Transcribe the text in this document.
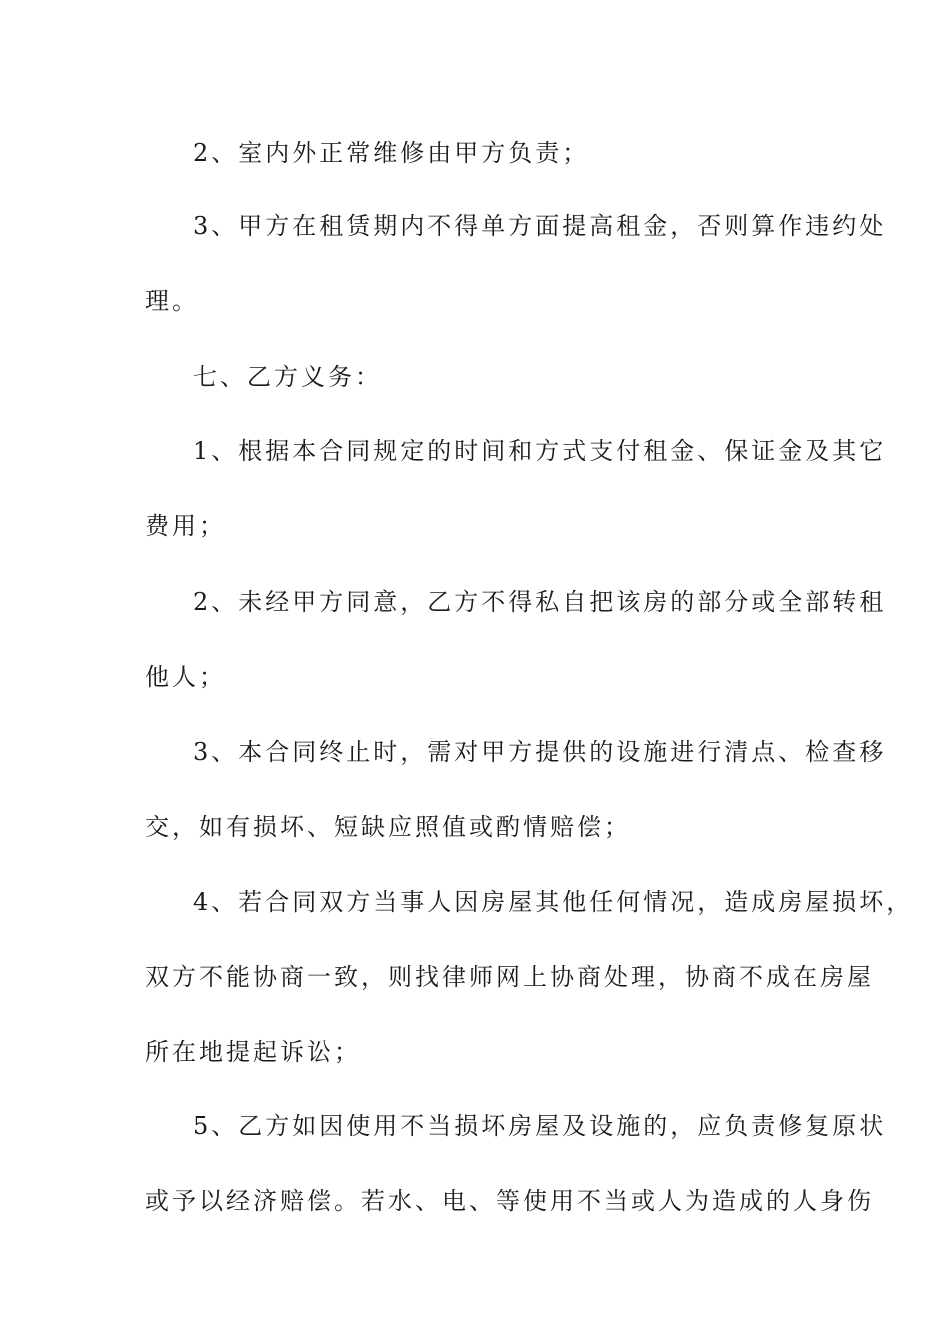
2、室内外正常维修由甲方负责；
3、甲方在租赁期内不得单方面提高租金，否则算作违约处
理。
七、乙方义务：
1、根据本合同规定的时间和方式支付租金、保证金及其它
费用；
2、未经甲方同意，乙方不得私自把该房的部分或全部转租
他人；
3、本合同终止时，需对甲方提供的设施进行清点、检查移
交，如有损坏、短缺应照值或酌情赔偿；
4、若合同双方当事人因房屋其他任何情况，造成房屋损坏，
双方不能协商一致，则找律师网上协商处理，协商不成在房屋
所在地提起诉讼；
5、乙方如因使用不当损坏房屋及设施的，应负责修复原状
或予以经济赔偿。若水、电、等使用不当或人为造成的人身伤
